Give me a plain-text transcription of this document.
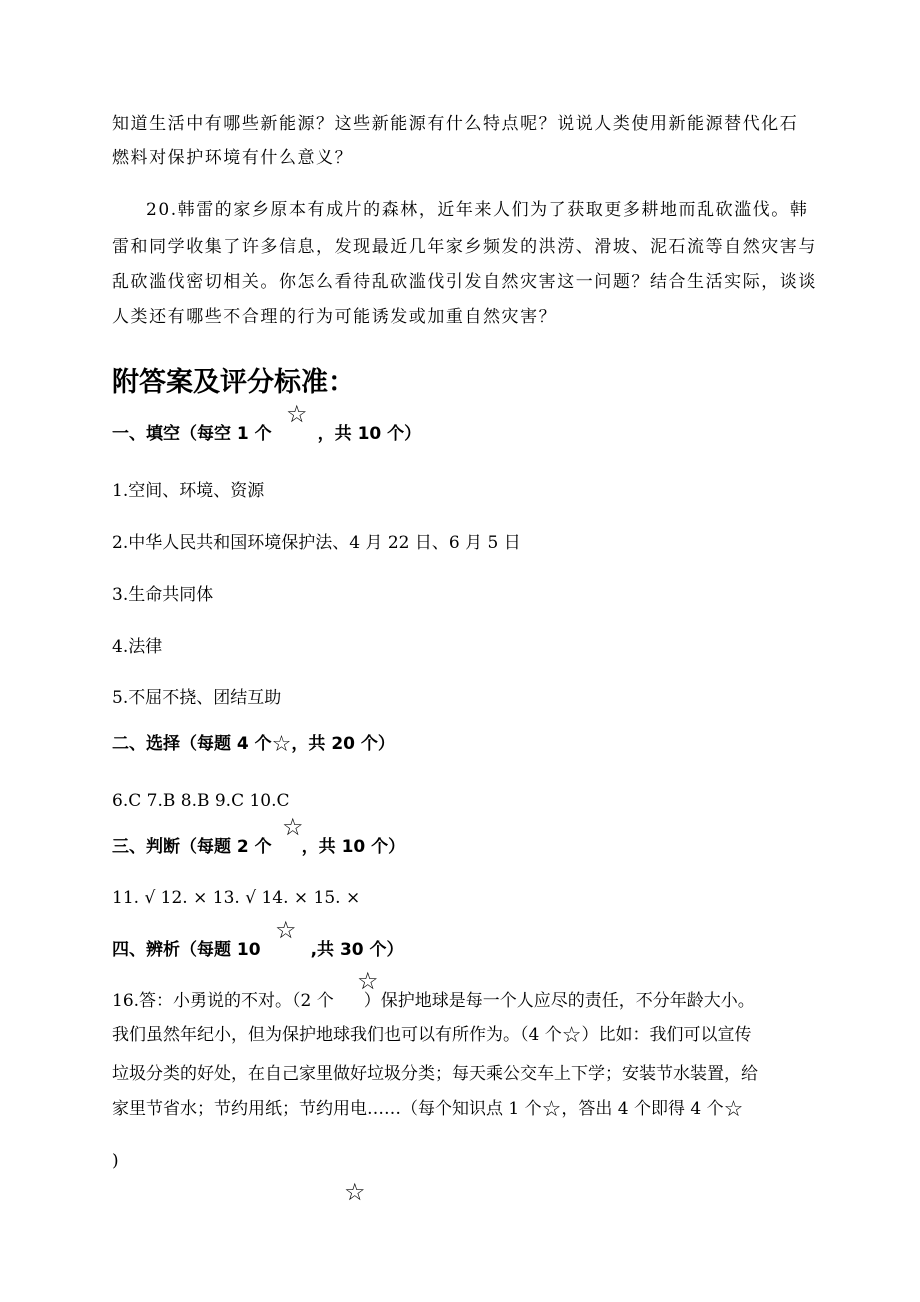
知道生活中有哪些新能源？这些新能源有什么特点呢？说说人类使用新能源替代化石
燃料对保护环境有什么意义？
20.韩雷的家乡原本有成片的森林，近年来人们为了获取更多耕地而乱砍滥伐。韩
雷和同学收集了许多信息，发现最近几年家乡频发的洪涝、滑坡、泥石流等自然灾害与
乱砍滥伐密切相关。你怎么看待乱砍滥伐引发自然灾害这一问题？结合生活实际，谈谈
人类还有哪些不合理的行为可能诱发或加重自然灾害？
附答案及评分标准：
一、填空（每空 1 个	，共 10 个）
☆
1.空间、环境、资源
2.中华人民共和国环境保护法、4 月 22 日、6 月 5 日
3.生命共同体
4.法律
5.不屈不挠、团结互助
二、选择（每题 4 个☆，共 20 个）
6.C 7.B 8.B 9.C 10.C
三、判断（每题 2 个 ，共 10 个）
☆
11. √ 12. × 13. √ 14. × 15. ×
四、辨析（每题 10	,共 30 个）
☆
16.答：小勇说的不对。（2 个 ）保护地球是每一个人应尽的责任，不分年龄大小。
☆
我们虽然年纪小，但为保护地球我们也可以有所作为。（4 个☆）比如：我们可以宣传
垃圾分类的好处，在自己家里做好垃圾分类；每天乘公交车上下学；安装节水装置，给
家里节省水；节约用纸；节约用电……（每个知识点 1 个☆，答出 4 个即得 4 个☆
)
☆
